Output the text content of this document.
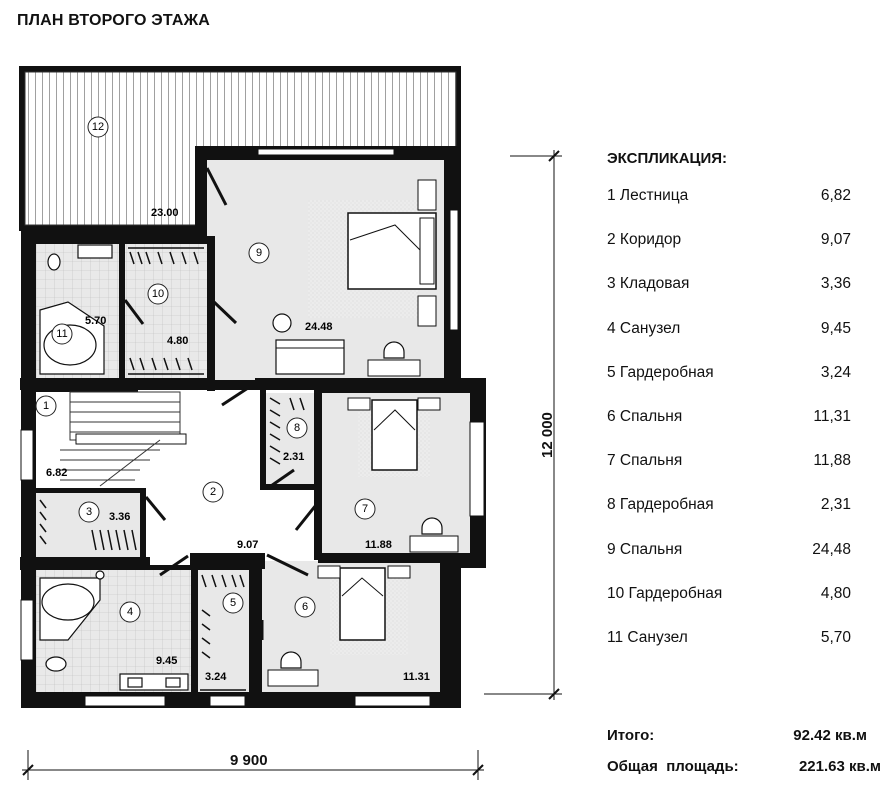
ПЛАН ВТОРОГО ЭТАЖА
23.00
24.48
5.70
4.80
6.82
2.31
3.36
11.88
9.07
9.45
3.24	11.31
12
9
10
11
1
8
2
3	7
5
4	6
9 900
12 000
ЭКСПЛИКАЦИЯ:
1 Лестница	6,82
2 Коридор	9,07
3 Кладовая	3,36
4 Санузел	9,45
5 Гардеробная	3,24
6 Спальня	11,31
7 Спальня	11,88
8 Гардеробная	2,31
9 Спальня	24,48
10 Гардеробная	4,80
11 Санузел	5,70
Итого:	92.42 кв.м
Общая  площадь:	221.63 кв.м
